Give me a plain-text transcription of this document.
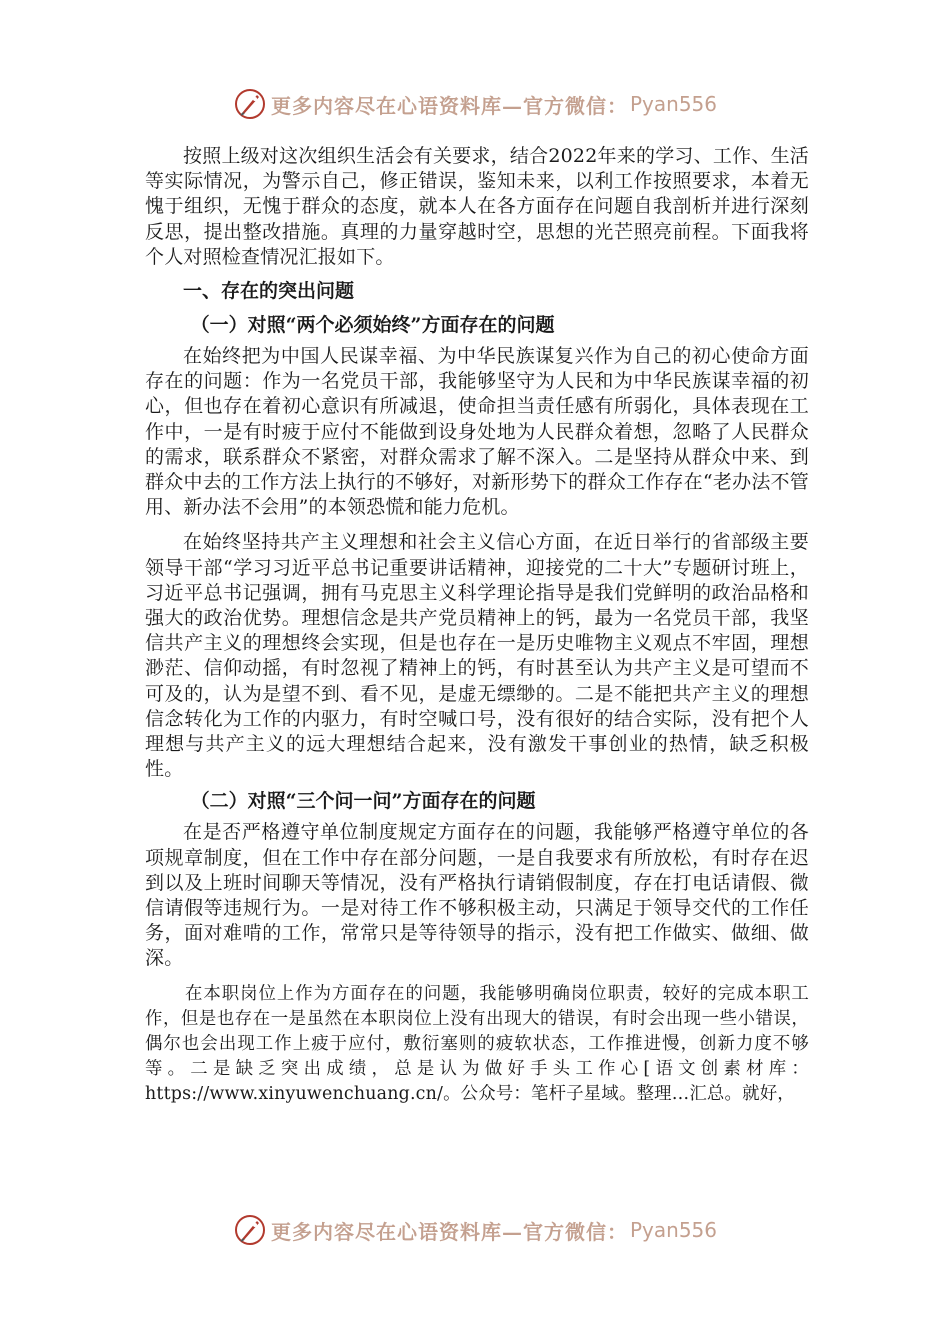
更多内容尽在心语资料库—官方微信： Pyan556

按照上级对这次组织生活会有关要求，结合2022年来的学习、工作、生活等实际情况，为警示自己，修正错误，鉴知未来，以利工作按照要求，本着无愧于组织，无愧于群众的态度，就本人在各方面存在问题自我剖析并进行深刻反思，提出整改措施。真理的力量穿越时空，思想的光芒照亮前程。下面我将个人对照检查情况汇报如下。

一、存在的突出问题
（一）对照“两个必须始终”方面存在的问题

在始终把为中国人民谋幸福、为中华民族谋复兴作为自己的初心使命方面存在的问题：作为一名党员干部，我能够坚守为人民和为中华民族谋幸福的初心，但也存在着初心意识有所减退，使命担当责任感有所弱化，具体表现在工作中，一是有时疲于应付不能做到设身处地为人民群众着想，忽略了人民群众的需求，联系群众不紧密，对群众需求了解不深入。二是坚持从群众中来、到群众中去的工作方法上执行的不够好，对新形势下的群众工作存在“老办法不管用、新办法不会用”的本领恐慌和能力危机。

在始终坚持共产主义理想和社会主义信心方面，在近日举行的省部级主要领导干部“学习习近平总书记重要讲话精神，迎接党的二十大”专题研讨班上，习近平总书记强调，拥有马克思主义科学理论指导是我们党鲜明的政治品格和强大的政治优势。理想信念是共产党员精神上的钙，最为一名党员干部，我坚信共产主义的理想终会实现，但是也存在一是历史唯物主义观点不牢固，理想渺茫、信仰动摇，有时忽视了精神上的钙，有时甚至认为共产主义是可望而不可及的，认为是望不到、看不见，是虚无缥缈的。二是不能把共产主义的理想信念转化为工作的内驱力，有时空喊口号，没有很好的结合实际，没有把个人理想与共产主义的远大理想结合起来，没有激发干事创业的热情，缺乏积极性。

（二）对照“三个问一问”方面存在的问题

在是否严格遵守单位制度规定方面存在的问题，我能够严格遵守单位的各项规章制度，但在工作中存在部分问题，一是自我要求有所放松，有时存在迟到以及上班时间聊天等情况，没有严格执行请销假制度，存在打电话请假、微信请假等违规行为。一是对待工作不够积极主动，只满足于领导交代的工作任务，面对难啃的工作，常常只是等待领导的指示，没有把工作做实、做细、做深。

在本职岗位上作为方面存在的问题，我能够明确岗位职责，较好的完成本职工作，但是也存在一是虽然在本职岗位上没有出现大的错误，有时会出现一些小错误，偶尔也会出现工作上疲于应付，敷衍塞则的疲软状态，工作推进慢，创新力度不够等。二是缺乏突出成绩，总是认为做好手头工作心[语文创素材库：https://www.xinyuwenchuang.cn/。公众号：笔杆子星域。整理…汇总。就好，

更多内容尽在心语资料库—官方微信： Pyan556
